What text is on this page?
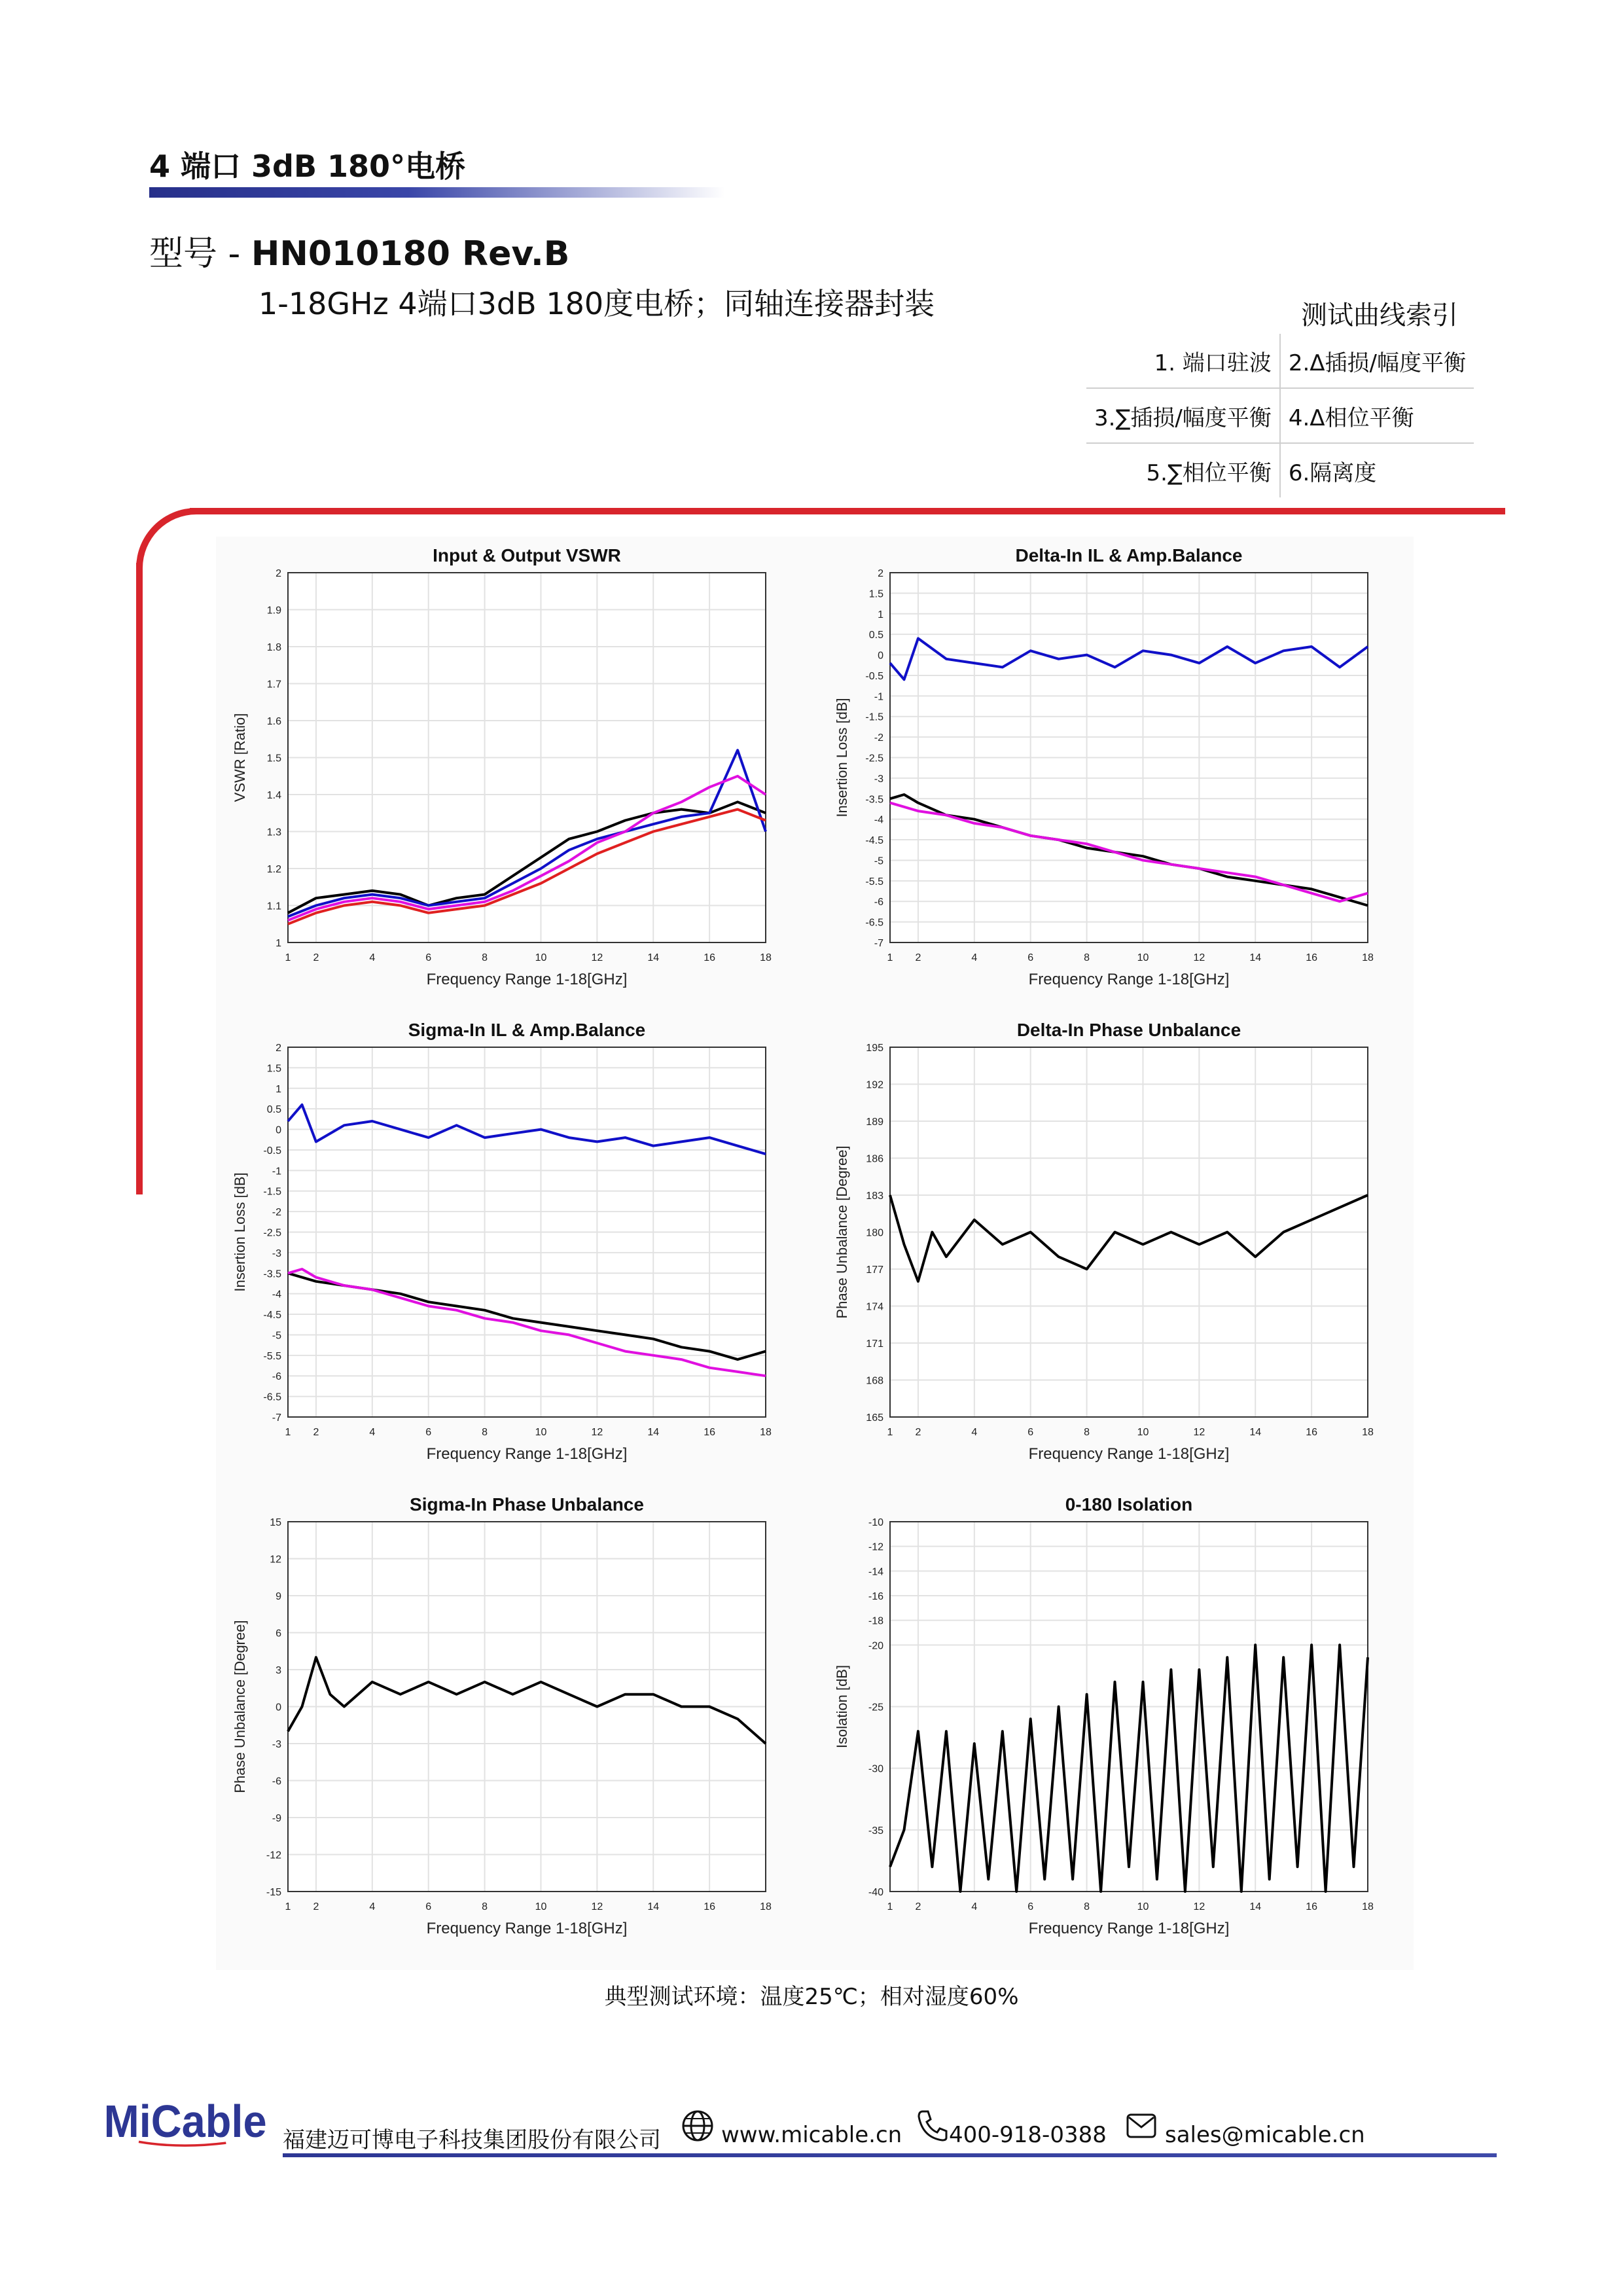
4 端口 3dB 180°电桥
型号 - HN010180 Rev.B
1-18GHz 4端口3dB 180度电桥；同轴连接器封装	测试曲线索引
1. 端口驻波	2.Δ插损/幅度平衡
3.∑插损/幅度平衡	4.Δ相位平衡
5.∑相位平衡	6.隔离度
1 2	4	6	8	10	12	14	16	18
1
1.1
1.2
1.3
1.4
1.5
1.6
1.7
1.8
1.9
2
Input & Output VSWR
Frequency Range 1-18[GHz]
VSWR [Ratio]
1 2	4	6	8	10	12	14	16	18
2
1.5
1
0.5
0
-0.5
-1
-1.5
-2
-2.5
-3
-3.5
-4
-4.5
-5
-5.5
-6
-6.5
-7
Delta-In IL & Amp.Balance
Frequency Range 1-18[GHz]
Insertion Loss [dB]
1 2	4	6	8	10	12	14	16	18
2
1.5
1
0.5
0
-0.5
-1
-1.5
-2
-2.5
-3
-3.5
-4
-4.5
-5
-5.5
-6
-6.5
-7
Sigma-In IL & Amp.Balance
Frequency Range 1-18[GHz]
Insertion Loss [dB]
1 2	4	6	8	10	12	14	16	18
195
192
189
186
183
180
177
174
171
168
165
Delta-In Phase Unbalance
Frequency Range 1-18[GHz]
Phase Unbalance [Degree]
1 2	4	6	8	10	12	14	16	18
15
12
9
6
3
0
-3
-6
-9
-12
-15
Sigma-In Phase Unbalance
Frequency Range 1-18[GHz]
Phase Unbalance [Degree]
1 2	4	6	8	10	12	14	16	18
-10
-12
-14
-16
-18
-20
-25
-30
-35
-40
0-180 Isolation
Frequency Range 1-18[GHz]
Isolation [dB]
典型测试环境：温度25℃；相对湿度60%
MiCable 福建迈可博电子科技集团股份有限公司	www.micable.cn 400-918-0388	sales@micable.cn
